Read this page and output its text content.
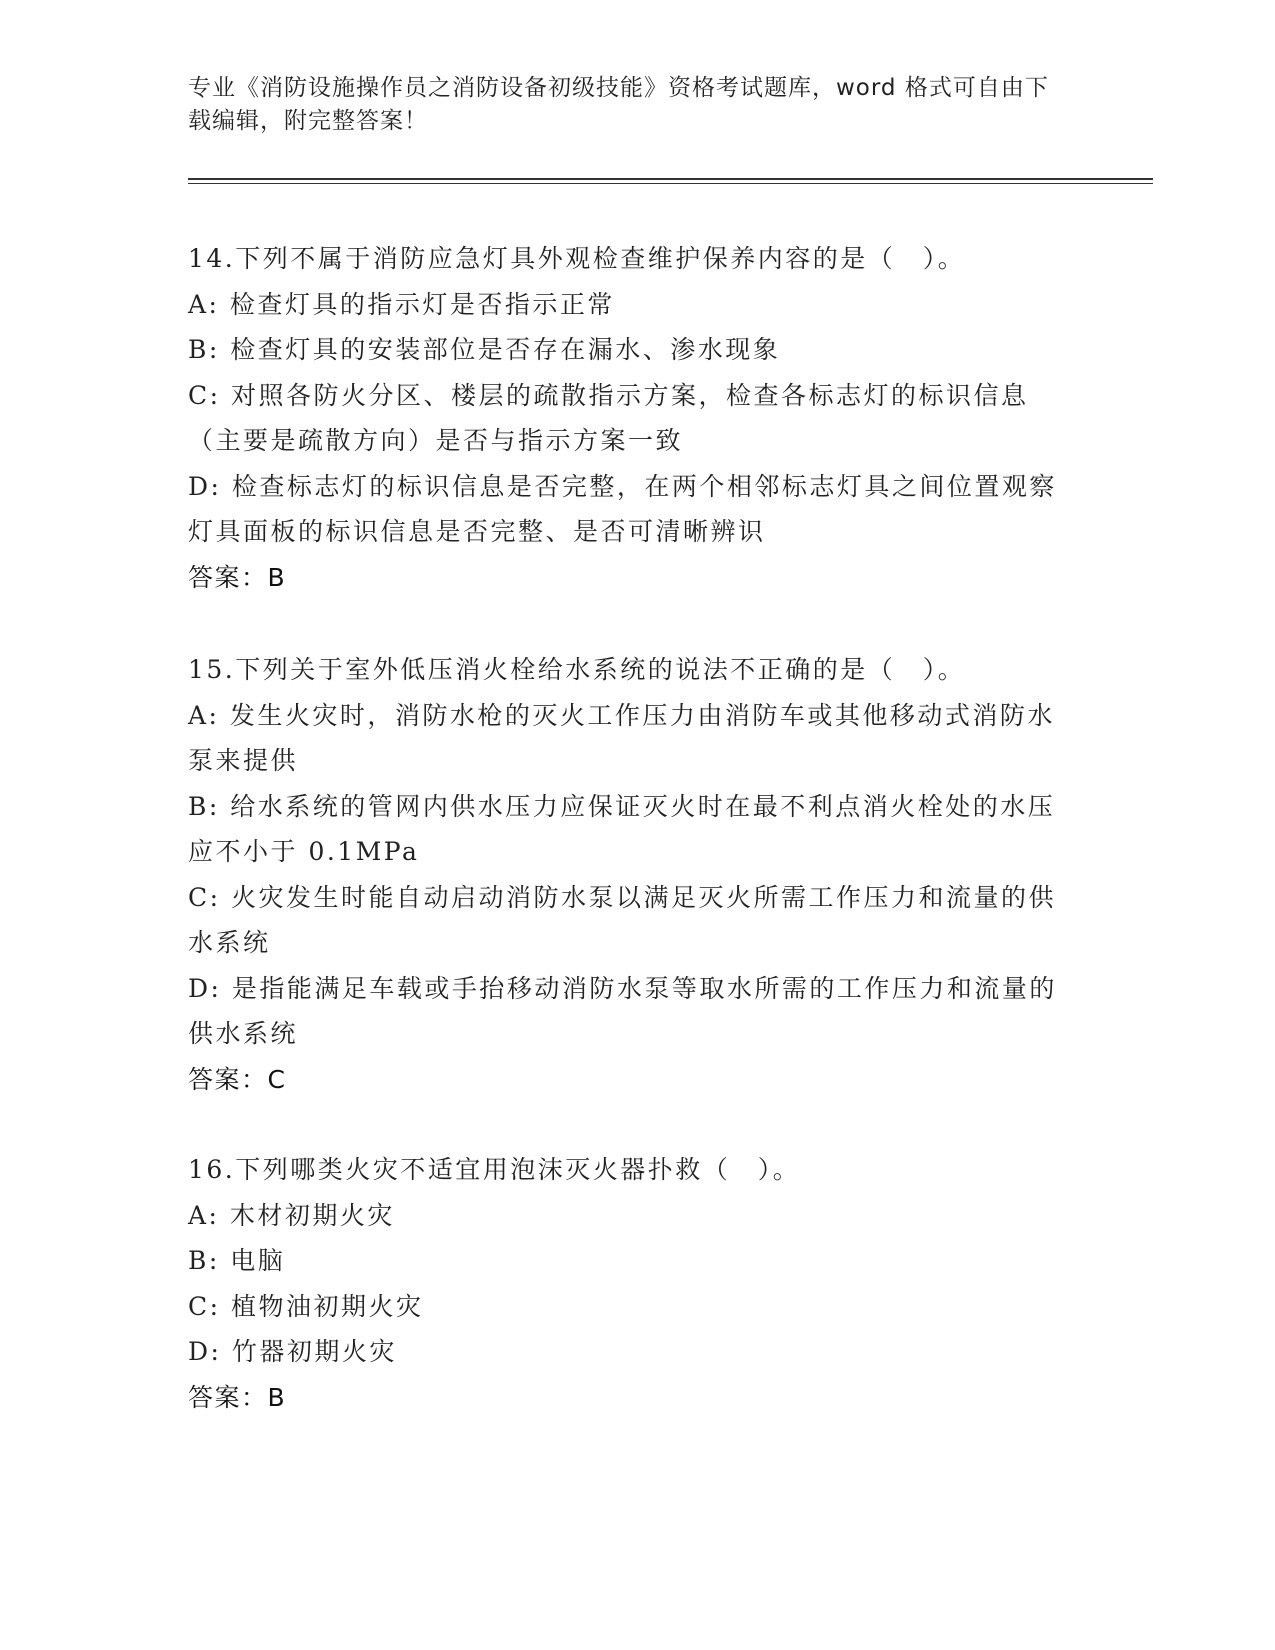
专业《消防设施操作员之消防设备初级技能》资格考试题库，word 格式可自由下
载编辑，附完整答案！
14.下列不属于消防应急灯具外观检查维护保养内容的是（　）。
A: 检查灯具的指示灯是否指示正常
B: 检查灯具的安装部位是否存在漏水、渗水现象
C: 对照各防火分区、楼层的疏散指示方案，检查各标志灯的标识信息（主要是疏散方向）是否与指示方案一致
D: 检查标志灯的标识信息是否完整，在两个相邻标志灯具之间位置观察灯具面板的标识信息是否完整、是否可清晰辨识
答案：B
15.下列关于室外低压消火栓给水系统的说法不正确的是（　）。
A: 发生火灾时，消防水枪的灭火工作压力由消防车或其他移动式消防水泵来提供
B: 给水系统的管网内供水压力应保证灭火时在最不利点消火栓处的水压应不小于 0.1MPa
C: 火灾发生时能自动启动消防水泵以满足灭火所需工作压力和流量的供水系统
D: 是指能满足车载或手抬移动消防水泵等取水所需的工作压力和流量的供水系统
答案：C
16.下列哪类火灾不适宜用泡沫灭火器扑救（　）。
A: 木材初期火灾
B: 电脑
C: 植物油初期火灾
D: 竹器初期火灾
答案：B
